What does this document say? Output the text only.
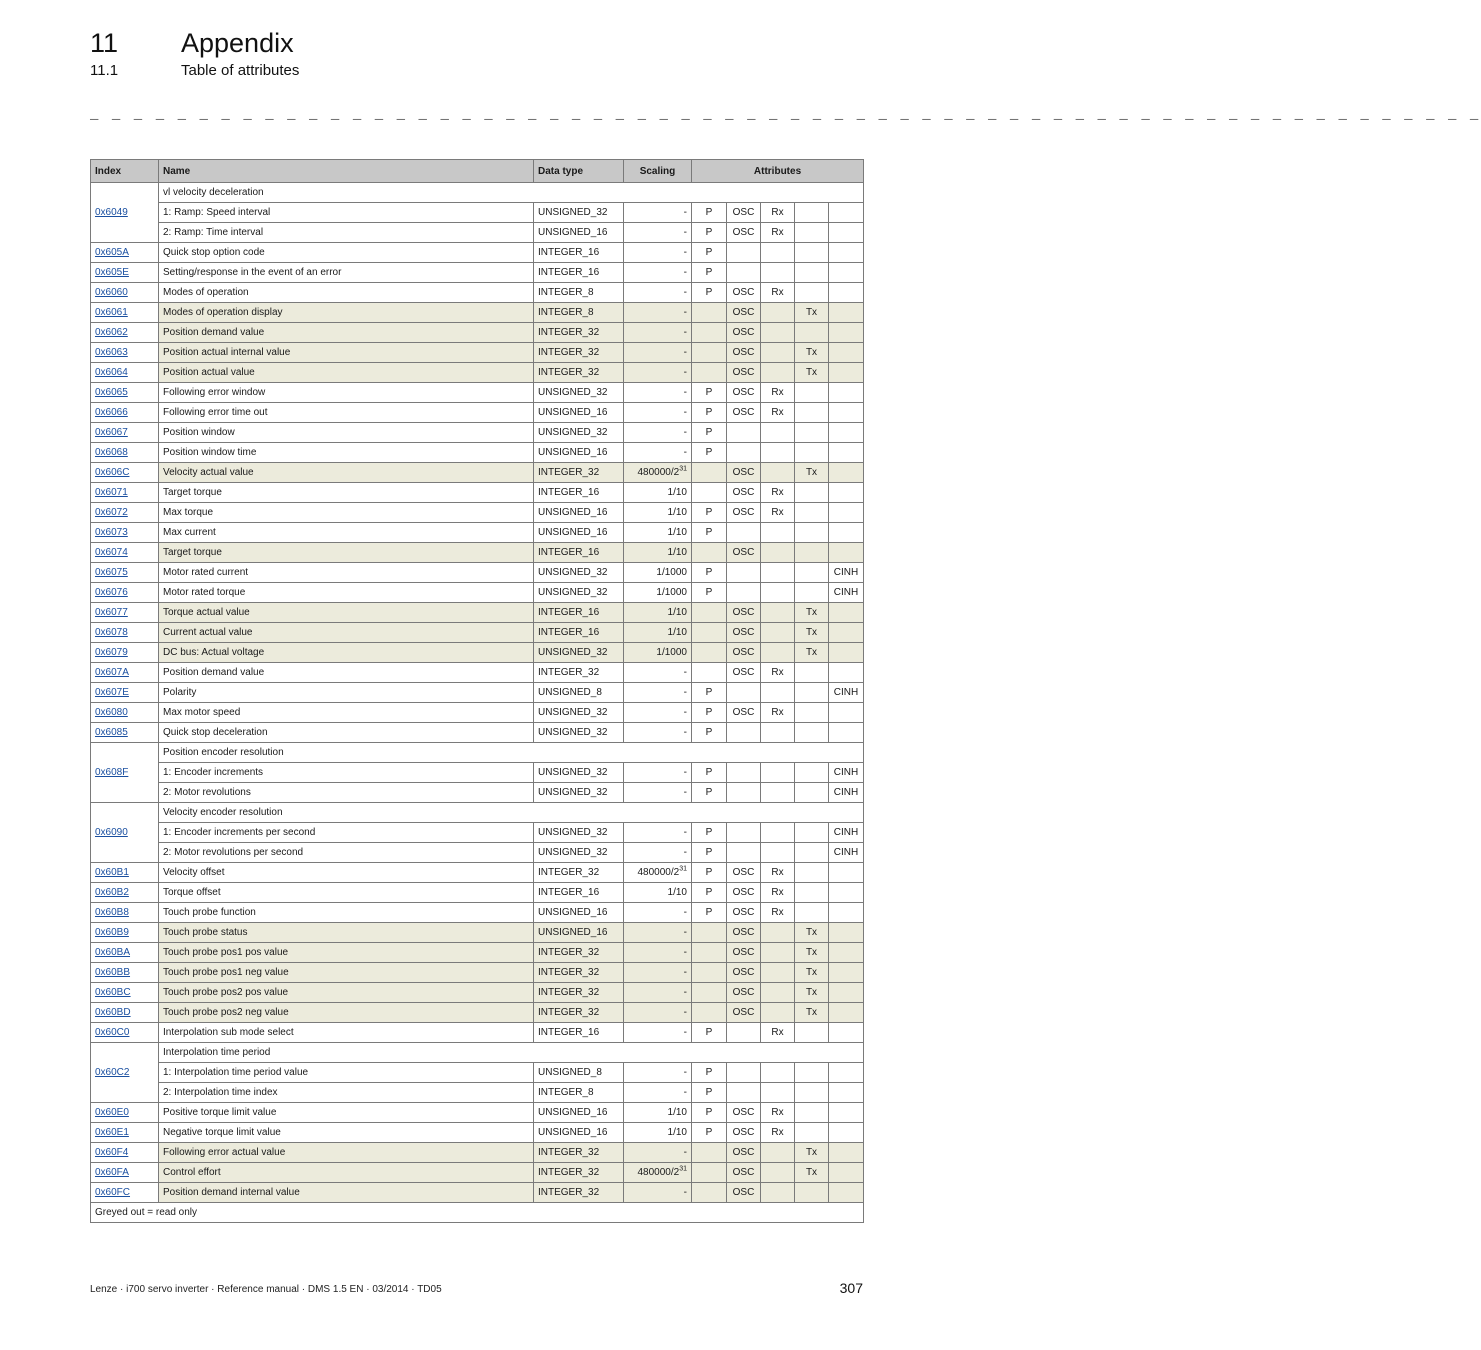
11 Appendix
11.1	Table of attributes
_ _ _ _ _ _ _ _ _ _ _ _ _ _ _ _ _ _ _ _ _ _ _ _ _ _ _ _ _ _ _ _ _ _ _ _ _ _ _ _ _ _ _ _ _ _ _ _ _ _ _ _ _ _ _ _ _ _ _ _ _ _ _ _
Index	Name	Data type	Scaling	Attributes				
0x6049	vl velocity deceleration							
	1: Ramp: Speed interval	UNSIGNED_32	-	P	OSC	Rx		
	2: Ramp: Time interval	UNSIGNED_16	-	P	OSC	Rx		
0x605A	Quick stop option code	INTEGER_16	-	P				
0x605E	Setting/response in the event of an error	INTEGER_16	-	P				
0x6060	Modes of operation	INTEGER_8	-	P	OSC	Rx		
0x6061	Modes of operation display	INTEGER_8	-		OSC		Tx	
0x6062	Position demand value	INTEGER_32	-		OSC			
0x6063	Position actual internal value	INTEGER_32	-		OSC		Tx	
0x6064	Position actual value	INTEGER_32	-		OSC		Tx	
0x6065	Following error window	UNSIGNED_32	-	P	OSC	Rx		
0x6066	Following error time out	UNSIGNED_16	-	P	OSC	Rx		
0x6067	Position window	UNSIGNED_32	-	P				
0x6068	Position window time	UNSIGNED_16	-	P				
0x606C	Velocity actual value	INTEGER_32	$480000/2^{31}$		OSC		Tx	
0x6071	Target torque	INTEGER_16	1/10		OSC	Rx		
0x6072	Max torque	UNSIGNED_16	1/10	P	OSC	Rx		
0x6073	Max current	UNSIGNED_16	1/10	P				
0x6074	Target torque	INTEGER_16	1/10		OSC			
0x6075	Motor rated current	UNSIGNED_32	1/1000	P				CINH
0x6076	Motor rated torque	UNSIGNED_32	1/1000	P				CINH
0x6077	Torque actual value	INTEGER_16	1/10		OSC		Tx	
0x6078	Current actual value	INTEGER_16	1/10		OSC		Tx	
0x6079	DC bus: Actual voltage	UNSIGNED_32	1/1000		OSC		Tx	
0x607A	Position demand value	INTEGER_32	-		OSC	Rx		
0x607E	Polarity	UNSIGNED_8	-	P				CINH
0x6080	Max motor speed	UNSIGNED_32	-	P	OSC	Rx		
0x6085	Quick stop deceleration	UNSIGNED_32	-	P				
0x608F	Position encoder resolution							
	1: Encoder increments	UNSIGNED_32	-	P				CINH
	2: Motor revolutions	UNSIGNED_32	-	P				CINH
0x6090	Velocity encoder resolution							
	1: Encoder increments per second	UNSIGNED_32	-	P				CINH
	2: Motor revolutions per second	UNSIGNED_32	-	P				CINH
0x60B1	Velocity offset	INTEGER_32	$480000/2^{31}$	P	OSC	Rx		
0x60B2	Torque offset	INTEGER_16	1/10	P	OSC	Rx		
0x60B8	Touch probe function	UNSIGNED_16	-	P	OSC	Rx		
0x60B9	Touch probe status	UNSIGNED_16	-		OSC		Tx	
0x60BA	Touch probe pos1 pos value	INTEGER_32	-		OSC		Tx	
0x60BB	Touch probe pos1 neg value	INTEGER_32	-		OSC		Tx	
0x60BC	Touch probe pos2 pos value	INTEGER_32	-		OSC		Tx	
0x60BD	Touch probe pos2 neg value	INTEGER_32	-		OSC		Tx	
0x60C0	Interpolation sub mode select	INTEGER_16	-	P		Rx		
0x60C2	Interpolation time period							
	1: Interpolation time period value	UNSIGNED_8	-	P				
	2: Interpolation time index	INTEGER_8	-	P				
0x60E0	Positive torque limit value	UNSIGNED_16	1/10	P	OSC	Rx		
0x60E1	Negative torque limit value	UNSIGNED_16	1/10	P	OSC	Rx		
0x60F4	Following error actual value	INTEGER_32	-		OSC		Tx	
0x60FA	Control effort	INTEGER_32	$480000/2^{31}$		OSC		Tx	
0x60FC	Position demand internal value	INTEGER_32	-		OSC			
Greyed out = read only								
Lenze · i700 servo inverter · Reference manual · DMS 1.5 EN · 03/2014 · TD05	307
